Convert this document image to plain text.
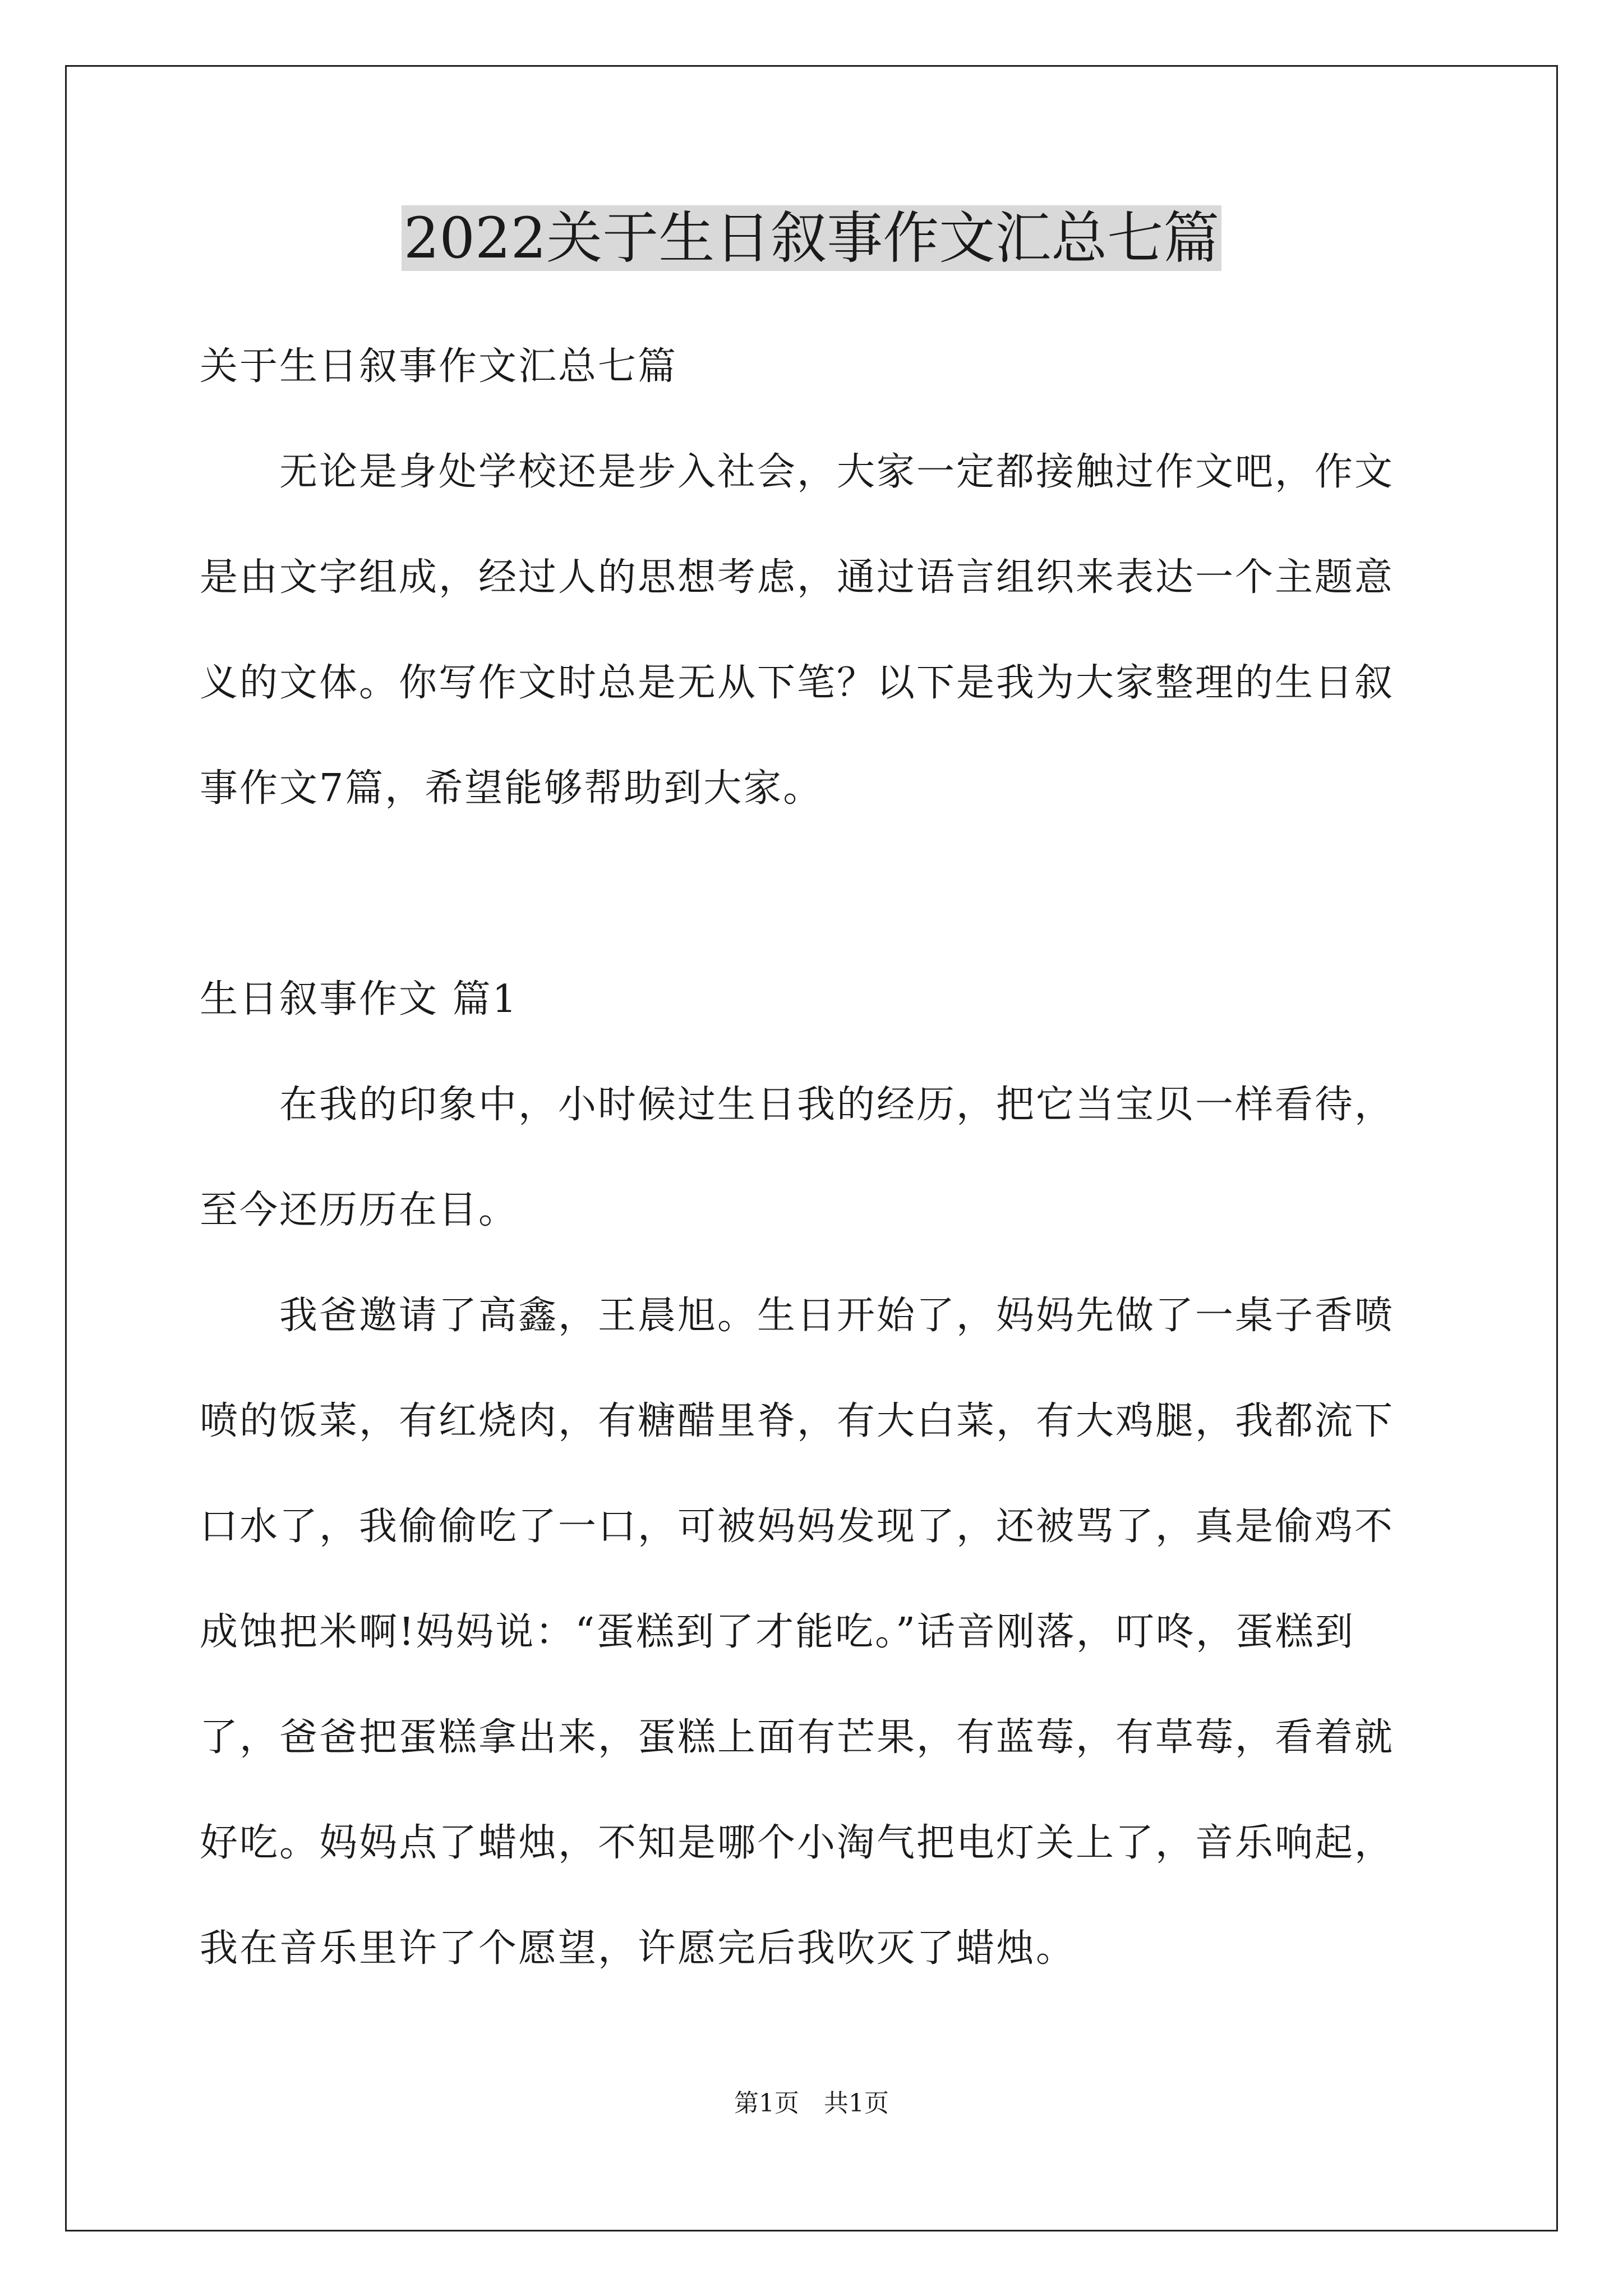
2022关于生日叙事作文汇总七篇
关于生日叙事作文汇总七篇
无论是身处学校还是步入社会，大家一定都接触过作文吧，作文
是由文字组成，经过人的思想考虑，通过语言组织来表达一个主题意
义的文体。你写作文时总是无从下笔？以下是我为大家整理的生日叙
事作文7篇，希望能够帮助到大家。
生日叙事作文 篇1
在我的印象中，小时候过生日我的经历，把它当宝贝一样看待，
至今还历历在目。
我爸邀请了高鑫，王晨旭。生日开始了，妈妈先做了一桌子香喷
喷的饭菜，有红烧肉，有糖醋里脊，有大白菜，有大鸡腿，我都流下
口水了，我偷偷吃了一口，可被妈妈发现了，还被骂了，真是偷鸡不
成蚀把米啊!妈妈说：“蛋糕到了才能吃。”话音刚落，叮咚，蛋糕到
了，爸爸把蛋糕拿出来，蛋糕上面有芒果，有蓝莓，有草莓，看着就
好吃。妈妈点了蜡烛，不知是哪个小淘气把电灯关上了，音乐响起，
我在音乐里许了个愿望，许愿完后我吹灭了蜡烛。
第1页　共1页
